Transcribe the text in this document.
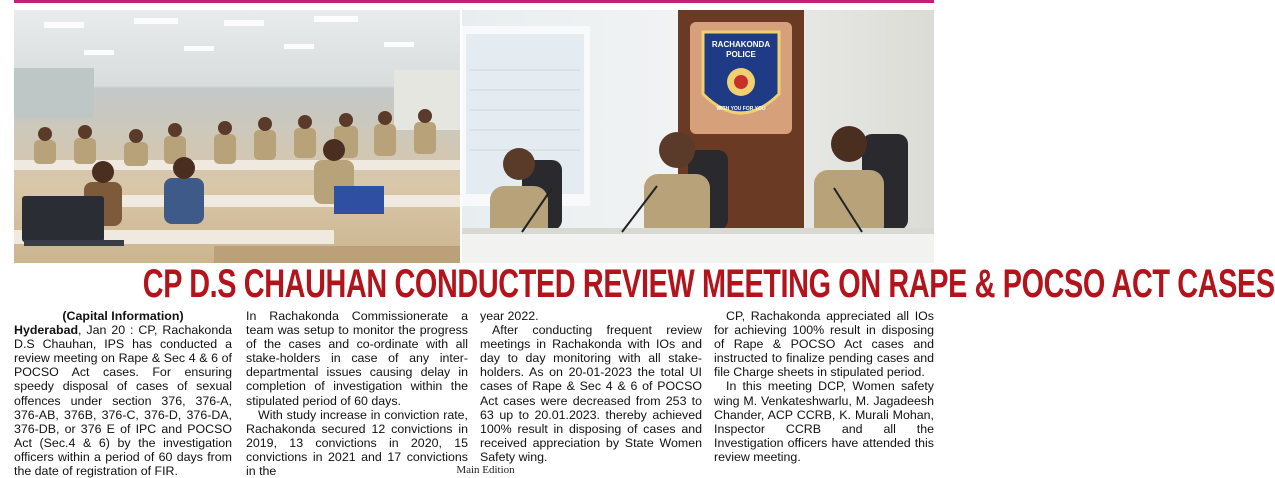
RACHAKONDA
POLICE
WITH YOU FOR YOU
CP D.S CHAUHAN CONDUCTED REVIEW MEETING ON RAPE & POCSO ACT CASES

(Capital Information)

Hyderabad, Jan 20 : CP, Rachakonda D.S Chauhan, IPS has conducted a review meeting on Rape & Sec 4 & 6 of POCSO Act cases. For ensuring speedy disposal of cases of sexual offences under section 376, 376-A, 376-AB, 376B, 376-C, 376-D, 376-DA, 376-DB, or 376 E of IPC and POCSO Act (Sec.4 & 6) by the investigation officers within a period of 60 days from the date of registration of FIR.

In Rachakonda Commissionerate a team was setup to monitor the progress of the cases and co-ordinate with all stake-holders in case of any inter-departmental issues causing delay in completion of investigation within the stipulated period of 60 days.

With study increase in conviction rate, Rachakonda secured 12 convictions in 2019, 13 convictions in 2020, 15 convictions in 2021 and 17 convictions in the

year 2022.

After conducting frequent review meetings in Rachakonda with IOs and day to day monitoring with all stake-holders. As on 20-01-2023 the total UI cases of Rape & Sec 4 & 6 of POCSO Act cases were decreased from 253 to 63 up to 20.01.2023. thereby achieved 100% result in disposing of cases and received appreciation by State Women Safety wing.

CP, Rachakonda appreciated all IOs for achieving 100% result in disposing of Rape & POCSO Act cases and instructed to finalize pending cases and file Charge sheets in stipulated period.

In this meeting DCP, Women safety wing M. Venkateshwarlu, M. Jagadeesh Chander, ACP CCRB, K. Murali Mohan, Inspector CCRB and all the Investigation officers have attended this review meeting.

Main Edition
